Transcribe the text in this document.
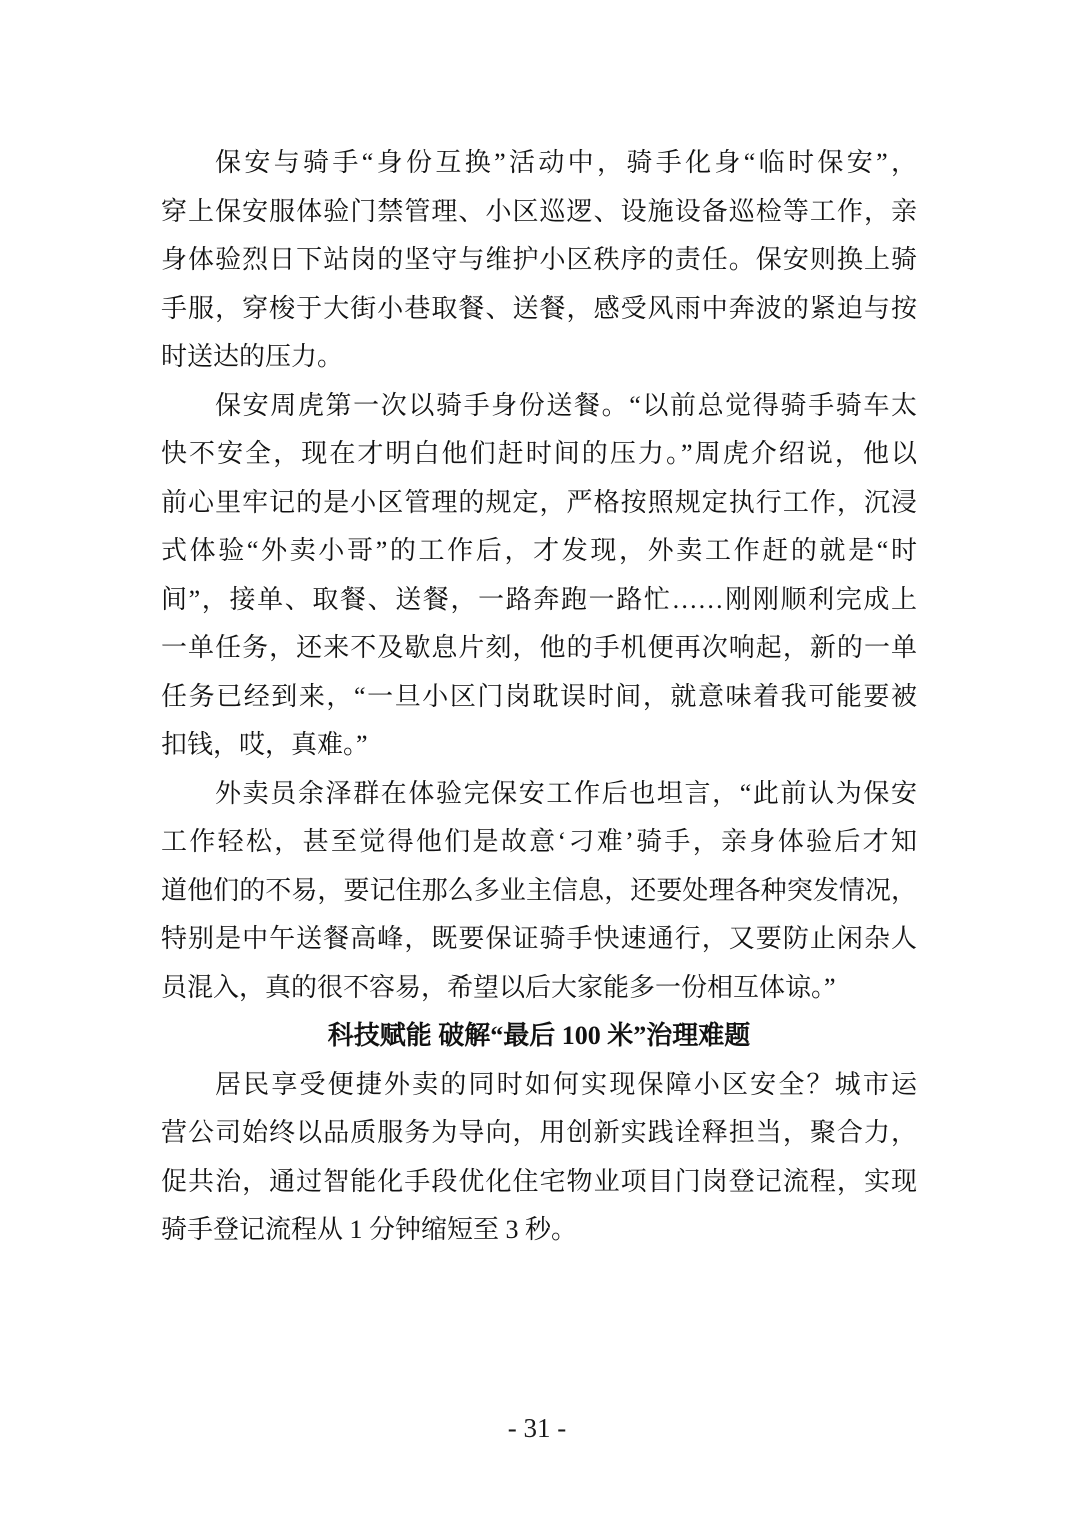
保安与骑手“身份互换”活动中，骑手化身“临时保安”，
穿上保安服体验门禁管理、小区巡逻、设施设备巡检等工作，亲
身体验烈日下站岗的坚守与维护小区秩序的责任。保安则换上骑
手服，穿梭于大街小巷取餐、送餐，感受风雨中奔波的紧迫与按
时送达的压力。
保安周虎第一次以骑手身份送餐。“以前总觉得骑手骑车太
快不安全，现在才明白他们赶时间的压力。”周虎介绍说，他以
前心里牢记的是小区管理的规定，严格按照规定执行工作，沉浸
式体验“外卖小哥”的工作后，才发现，外卖工作赶的就是“时
间”，接单、取餐、送餐，一路奔跑一路忙……刚刚顺利完成上
一单任务，还来不及歇息片刻，他的手机便再次响起，新的一单
任务已经到来，“一旦小区门岗耽误时间，就意味着我可能要被
扣钱，哎，真难。”
外卖员余泽群在体验完保安工作后也坦言，“此前认为保安
工作轻松，甚至觉得他们是故意‘刁难’骑手，亲身体验后才知
道他们的不易，要记住那么多业主信息，还要处理各种突发情况，
特别是中午送餐高峰，既要保证骑手快速通行，又要防止闲杂人
员混入，真的很不容易，希望以后大家能多一份相互体谅。”
科技赋能 破解“最后 100 米”治理难题
居民享受便捷外卖的同时如何实现保障小区安全？城市运
营公司始终以品质服务为导向，用创新实践诠释担当，聚合力，
促共治，通过智能化手段优化住宅物业项目门岗登记流程，实现
骑手登记流程从 1 分钟缩短至 3 秒。
- 31 -
